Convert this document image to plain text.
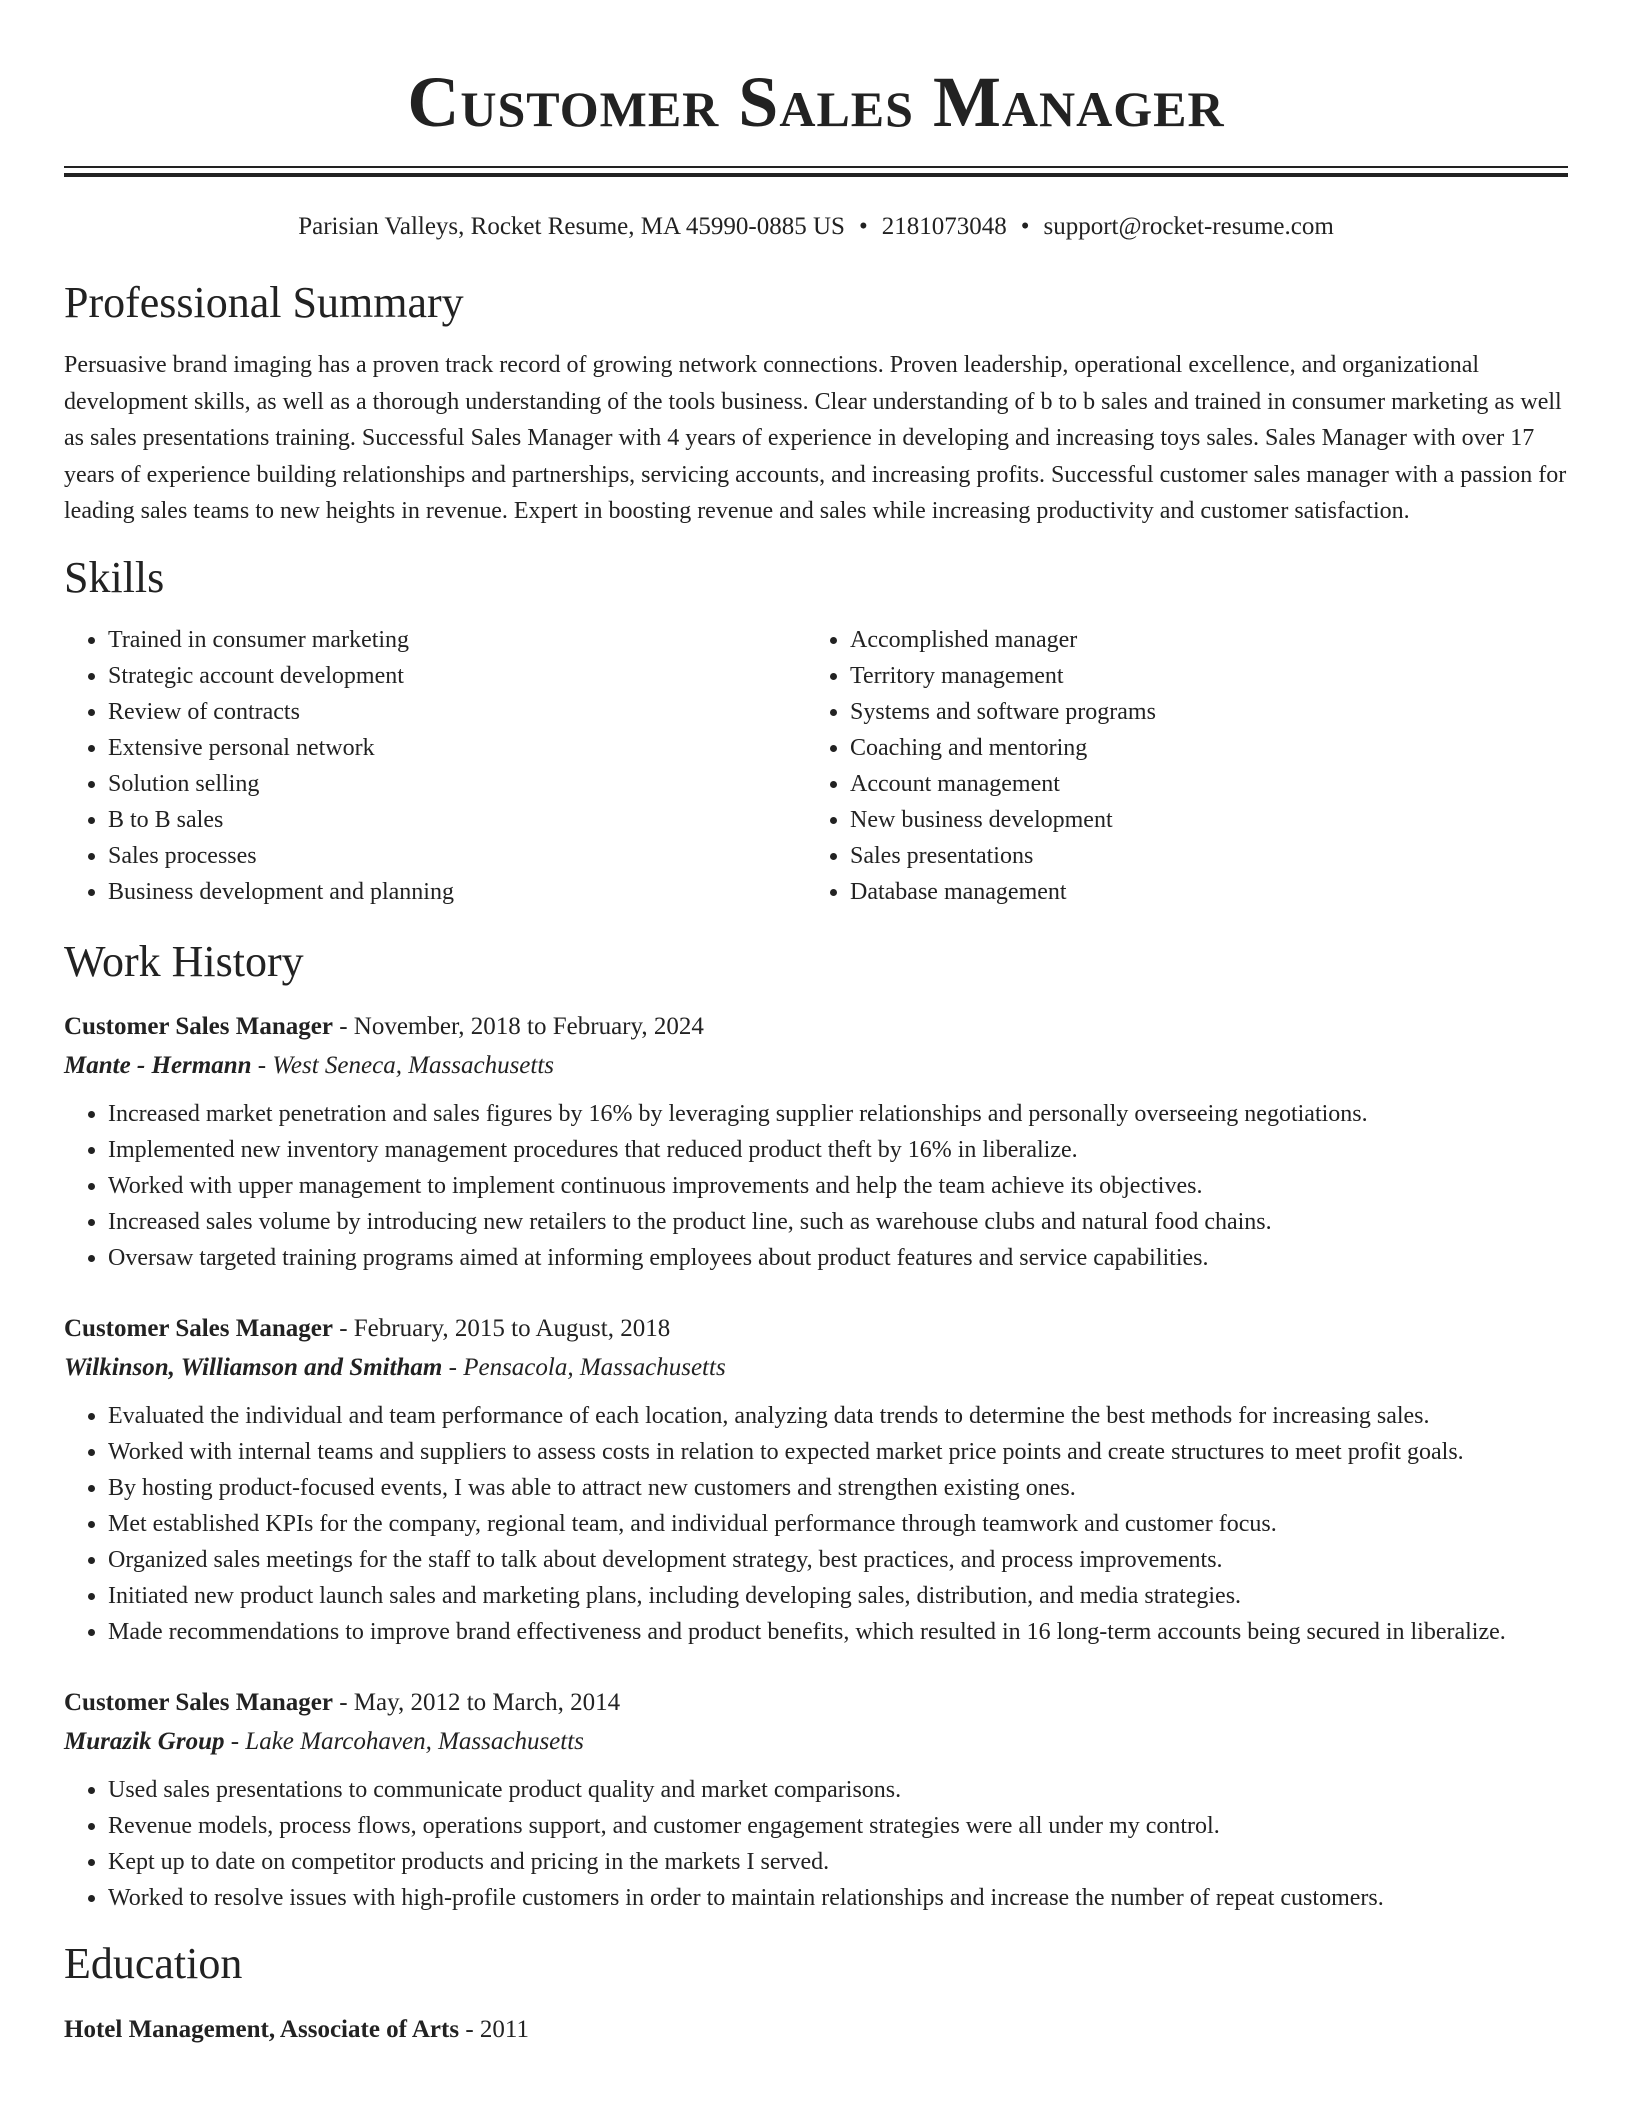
Customer Sales Manager
Parisian Valleys, Rocket Resume, MA 45990-0885 US • 2181073048 • support@rocket-resume.com
Professional Summary
Persuasive brand imaging has a proven track record of growing network connections. Proven leadership, operational excellence, and organizational development skills, as well as a thorough understanding of the tools business. Clear understanding of b to b sales and trained in consumer marketing as well as sales presentations training. Successful Sales Manager with 4 years of experience in developing and increasing toys sales. Sales Manager with over 17 years of experience building relationships and partnerships, servicing accounts, and increasing profits. Successful customer sales manager with a passion for leading sales teams to new heights in revenue. Expert in boosting revenue and sales while increasing productivity and customer satisfaction.
Skills
• Trained in consumer marketing
• Strategic account development
• Review of contracts
• Extensive personal network
• Solution selling
• B to B sales
• Sales processes
• Business development and planning
• Accomplished manager
• Territory management
• Systems and software programs
• Coaching and mentoring
• Account management
• New business development
• Sales presentations
• Database management
Work History
Customer Sales Manager - November, 2018 to February, 2024
Mante - Hermann - West Seneca, Massachusetts
• Increased market penetration and sales figures by 16% by leveraging supplier relationships and personally overseeing negotiations.
• Implemented new inventory management procedures that reduced product theft by 16% in liberalize.
• Worked with upper management to implement continuous improvements and help the team achieve its objectives.
• Increased sales volume by introducing new retailers to the product line, such as warehouse clubs and natural food chains.
• Oversaw targeted training programs aimed at informing employees about product features and service capabilities.
Customer Sales Manager - February, 2015 to August, 2018
Wilkinson, Williamson and Smitham - Pensacola, Massachusetts
• Evaluated the individual and team performance of each location, analyzing data trends to determine the best methods for increasing sales.
• Worked with internal teams and suppliers to assess costs in relation to expected market price points and create structures to meet profit goals.
• By hosting product-focused events, I was able to attract new customers and strengthen existing ones.
• Met established KPIs for the company, regional team, and individual performance through teamwork and customer focus.
• Organized sales meetings for the staff to talk about development strategy, best practices, and process improvements.
• Initiated new product launch sales and marketing plans, including developing sales, distribution, and media strategies.
• Made recommendations to improve brand effectiveness and product benefits, which resulted in 16 long-term accounts being secured in liberalize.
Customer Sales Manager - May, 2012 to March, 2014
Murazik Group - Lake Marcohaven, Massachusetts
• Used sales presentations to communicate product quality and market comparisons.
• Revenue models, process flows, operations support, and customer engagement strategies were all under my control.
• Kept up to date on competitor products and pricing in the markets I served.
• Worked to resolve issues with high-profile customers in order to maintain relationships and increase the number of repeat customers.
Education
Hotel Management, Associate of Arts - 2011
